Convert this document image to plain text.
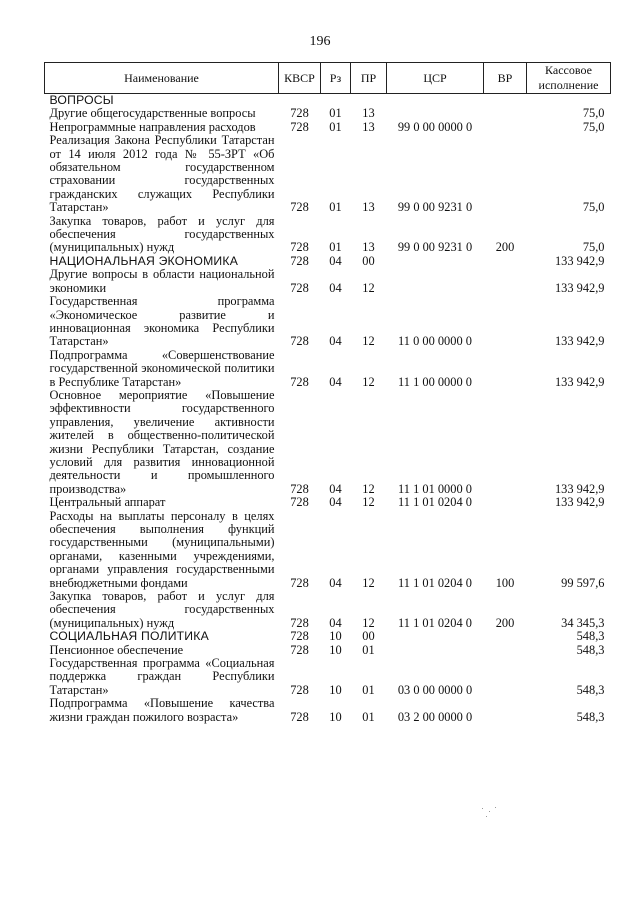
196
Наименование	КВСР	Рз	ПР	ЦСР	ВР	Кассовое исполнение
ВОПРОСЫ						
Другие общегосударственные вопросы	728	01	13			75,0
Непрограммные направления расходов	728	01	13	99 0 00 0000 0		75,0
Реализация Закона Республики Татарстан от 14 июля 2012 года № 55-ЗРТ «Об обязательном государственном страховании государственных гражданских служащих Республики Татарстан»	728	01	13	99 0 00 9231 0		75,0
Закупка товаров, работ и услуг для обеспечения государственных (муниципальных) нужд	728	01	13	99 0 00 9231 0	200	75,0
НАЦИОНАЛЬНАЯ ЭКОНОМИКА	728	04	00			133 942,9
Другие вопросы в области национальной экономики	728	04	12			133 942,9
Государственная программа «Экономическое развитие и инновационная экономика Республики Татарстан»	728	04	12	11 0 00 0000 0		133 942,9
Подпрограмма «Совершенствование государственной экономической политики в Республике Татарстан»	728	04	12	11 1 00 0000 0		133 942,9
Основное мероприятие «Повышение эффективности государственного управления, увеличение активности жителей в общественно-политической жизни Республики Татарстан, создание условий для развития инновационной деятельности и промышленного производства»	728	04	12	11 1 01 0000 0		133 942,9
Центральный аппарат	728	04	12	11 1 01 0204 0		133 942,9
Расходы на выплаты персоналу в целях обеспечения выполнения функций государственными (муниципальными) органами, казенными учреждениями, органами управления государственными внебюджетными фондами	728	04	12	11 1 01 0204 0	100	99 597,6
Закупка товаров, работ и услуг для обеспечения государственных (муниципальных) нужд	728	04	12	11 1 01 0204 0	200	34 345,3
СОЦИАЛЬНАЯ ПОЛИТИКА	728	10	00			548,3
Пенсионное обеспечение	728	10	01			548,3
Государственная программа «Социальная поддержка граждан Республики Татарстан»	728	10	01	03 0 00 0000 0		548,3
Подпрограмма «Повышение качества жизни граждан пожилого возраста»	728	10	01	03 2 00 0000 0		548,3
